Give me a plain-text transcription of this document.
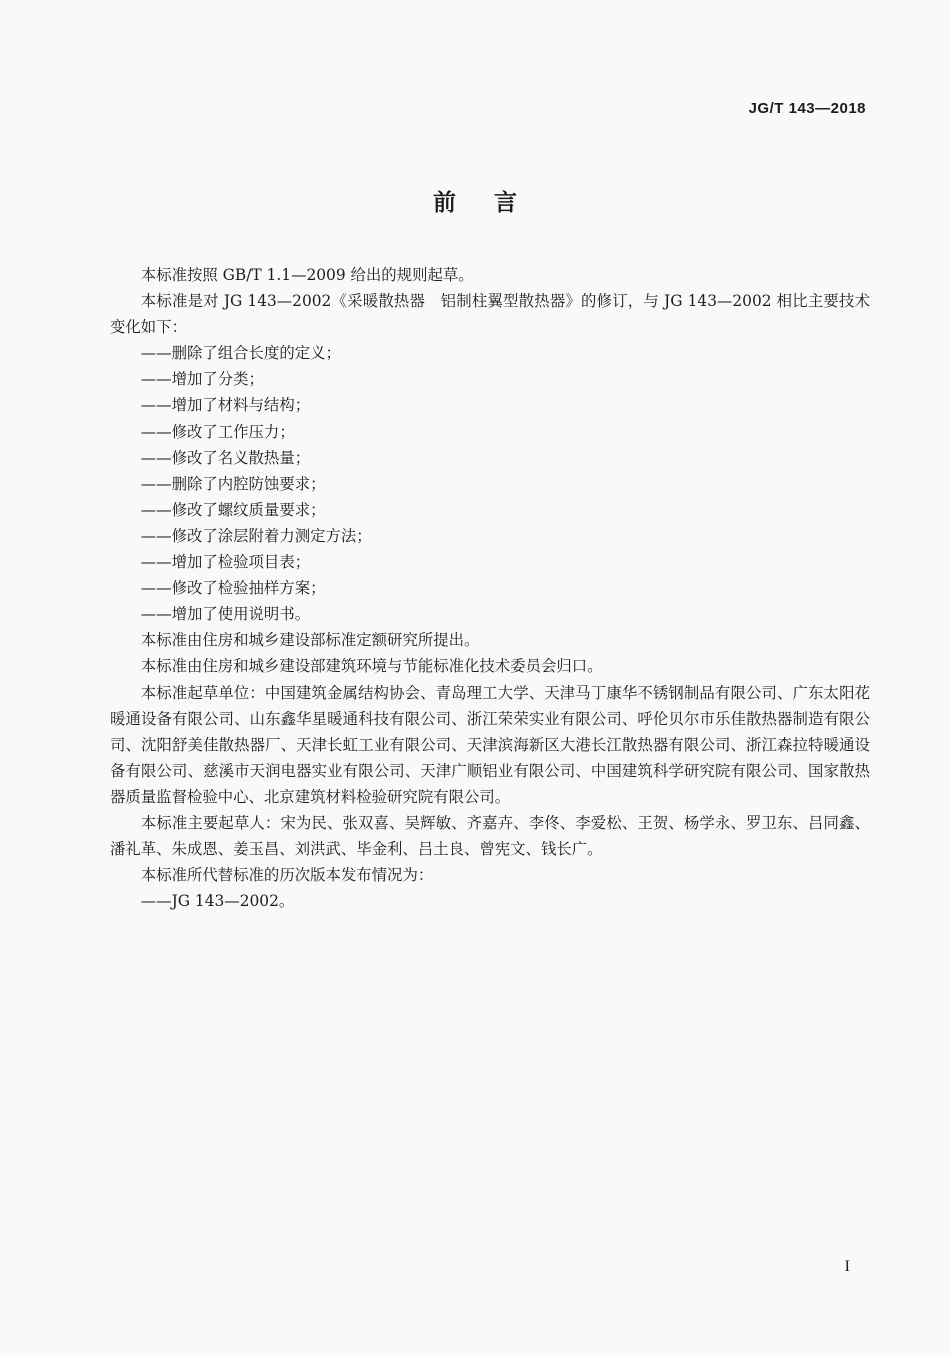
JG/T 143—2018
前言

本标准按照 GB/T 1.1—2009 给出的规则起草。

本标准是对 JG 143—2002《采暖散热器　铝制柱翼型散热器》的修订，与 JG 143—2002 相比主要技术变化如下：

——删除了组合长度的定义；

——增加了分类；

——增加了材料与结构；

——修改了工作压力；

——修改了名义散热量；

——删除了内腔防蚀要求；

——修改了螺纹质量要求；

——修改了涂层附着力测定方法；

——增加了检验项目表；

——修改了检验抽样方案；

——增加了使用说明书。

本标准由住房和城乡建设部标准定额研究所提出。

本标准由住房和城乡建设部建筑环境与节能标准化技术委员会归口。

本标准起草单位：中国建筑金属结构协会、青岛理工大学、天津马丁康华不锈钢制品有限公司、广东太阳花暖通设备有限公司、山东鑫华星暖通科技有限公司、浙江荣荣实业有限公司、呼伦贝尔市乐佳散热器制造有限公司、沈阳舒美佳散热器厂、天津长虹工业有限公司、天津滨海新区大港长江散热器有限公司、浙江森拉特暖通设备有限公司、慈溪市天润电器实业有限公司、天津广顺铝业有限公司、中国建筑科学研究院有限公司、国家散热器质量监督检验中心、北京建筑材料检验研究院有限公司。

本标准主要起草人：宋为民、张双喜、吴辉敏、齐嘉卉、李佟、李爱松、王贺、杨学永、罗卫东、吕同鑫、潘礼革、朱成恩、姜玉昌、刘洪武、毕金利、吕土良、曾宪文、钱长广。

本标准所代替标准的历次版本发布情况为：

——JG 143—2002。

I
